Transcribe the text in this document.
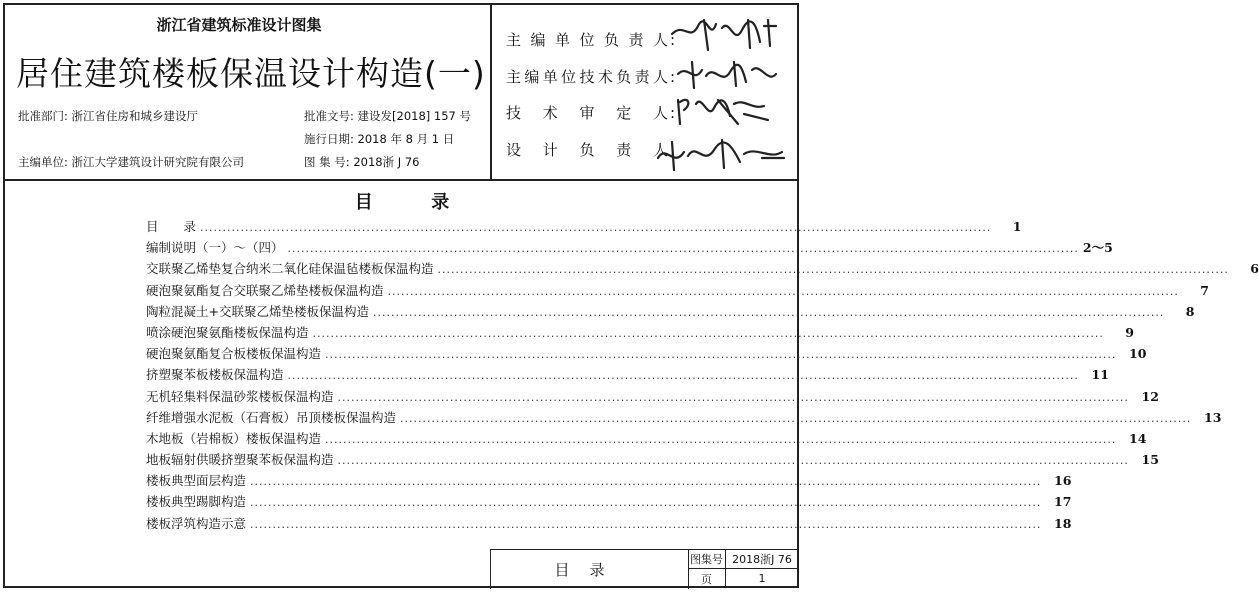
浙江省建筑标准设计图集
居住建筑楼板保温设计构造(一)
批准部门: 浙江省住房和城乡建设厅
主编单位: 浙江大学建筑设计研究院有限公司
批准文号: 建设发[2018] 157 号
施行日期: 2018 年 8 月 1 日
图 集 号: 2018浙 J 76
主编单位负责人 :
主编单位技术负责人 :
技术审定人 :
设计负责人 :
目	录
目　　录 ................................................................................................................................................................................	1
编制说明（一）～（四） ................................................................................................................................................................................ 2～5
交联聚乙烯垫复合纳米二氧化硅保温毡楼板保温构造 ................................................................................................................................................................................	6
硬泡聚氨酯复合交联聚乙烯垫楼板保温构造 ................................................................................................................................................................................	7
陶粒混凝土+交联聚乙烯垫楼板保温构造 ................................................................................................................................................................................	8
喷涂硬泡聚氨酯楼板保温构造 ................................................................................................................................................................................	9
硬泡聚氨酯复合板楼板保温构造 ................................................................................................................................................................................	10
挤塑聚苯板楼板保温构造 ................................................................................................................................................................................	11
无机轻集料保温砂浆楼板保温构造 ................................................................................................................................................................................	12
纤维增强水泥板（石膏板）吊顶楼板保温构造 ................................................................................................................................................................................	13
木地板（岩棉板）楼板保温构造 ................................................................................................................................................................................	14
地板辐射供暖挤塑聚苯板保温构造 ................................................................................................................................................................................	15
楼板典型面层构造 ................................................................................................................................................................................	16
楼板典型踢脚构造 ................................................................................................................................................................................	17
楼板浮筑构造示意 ................................................................................................................................................................................	18
目录
图集号 2018浙J 76
页	1
